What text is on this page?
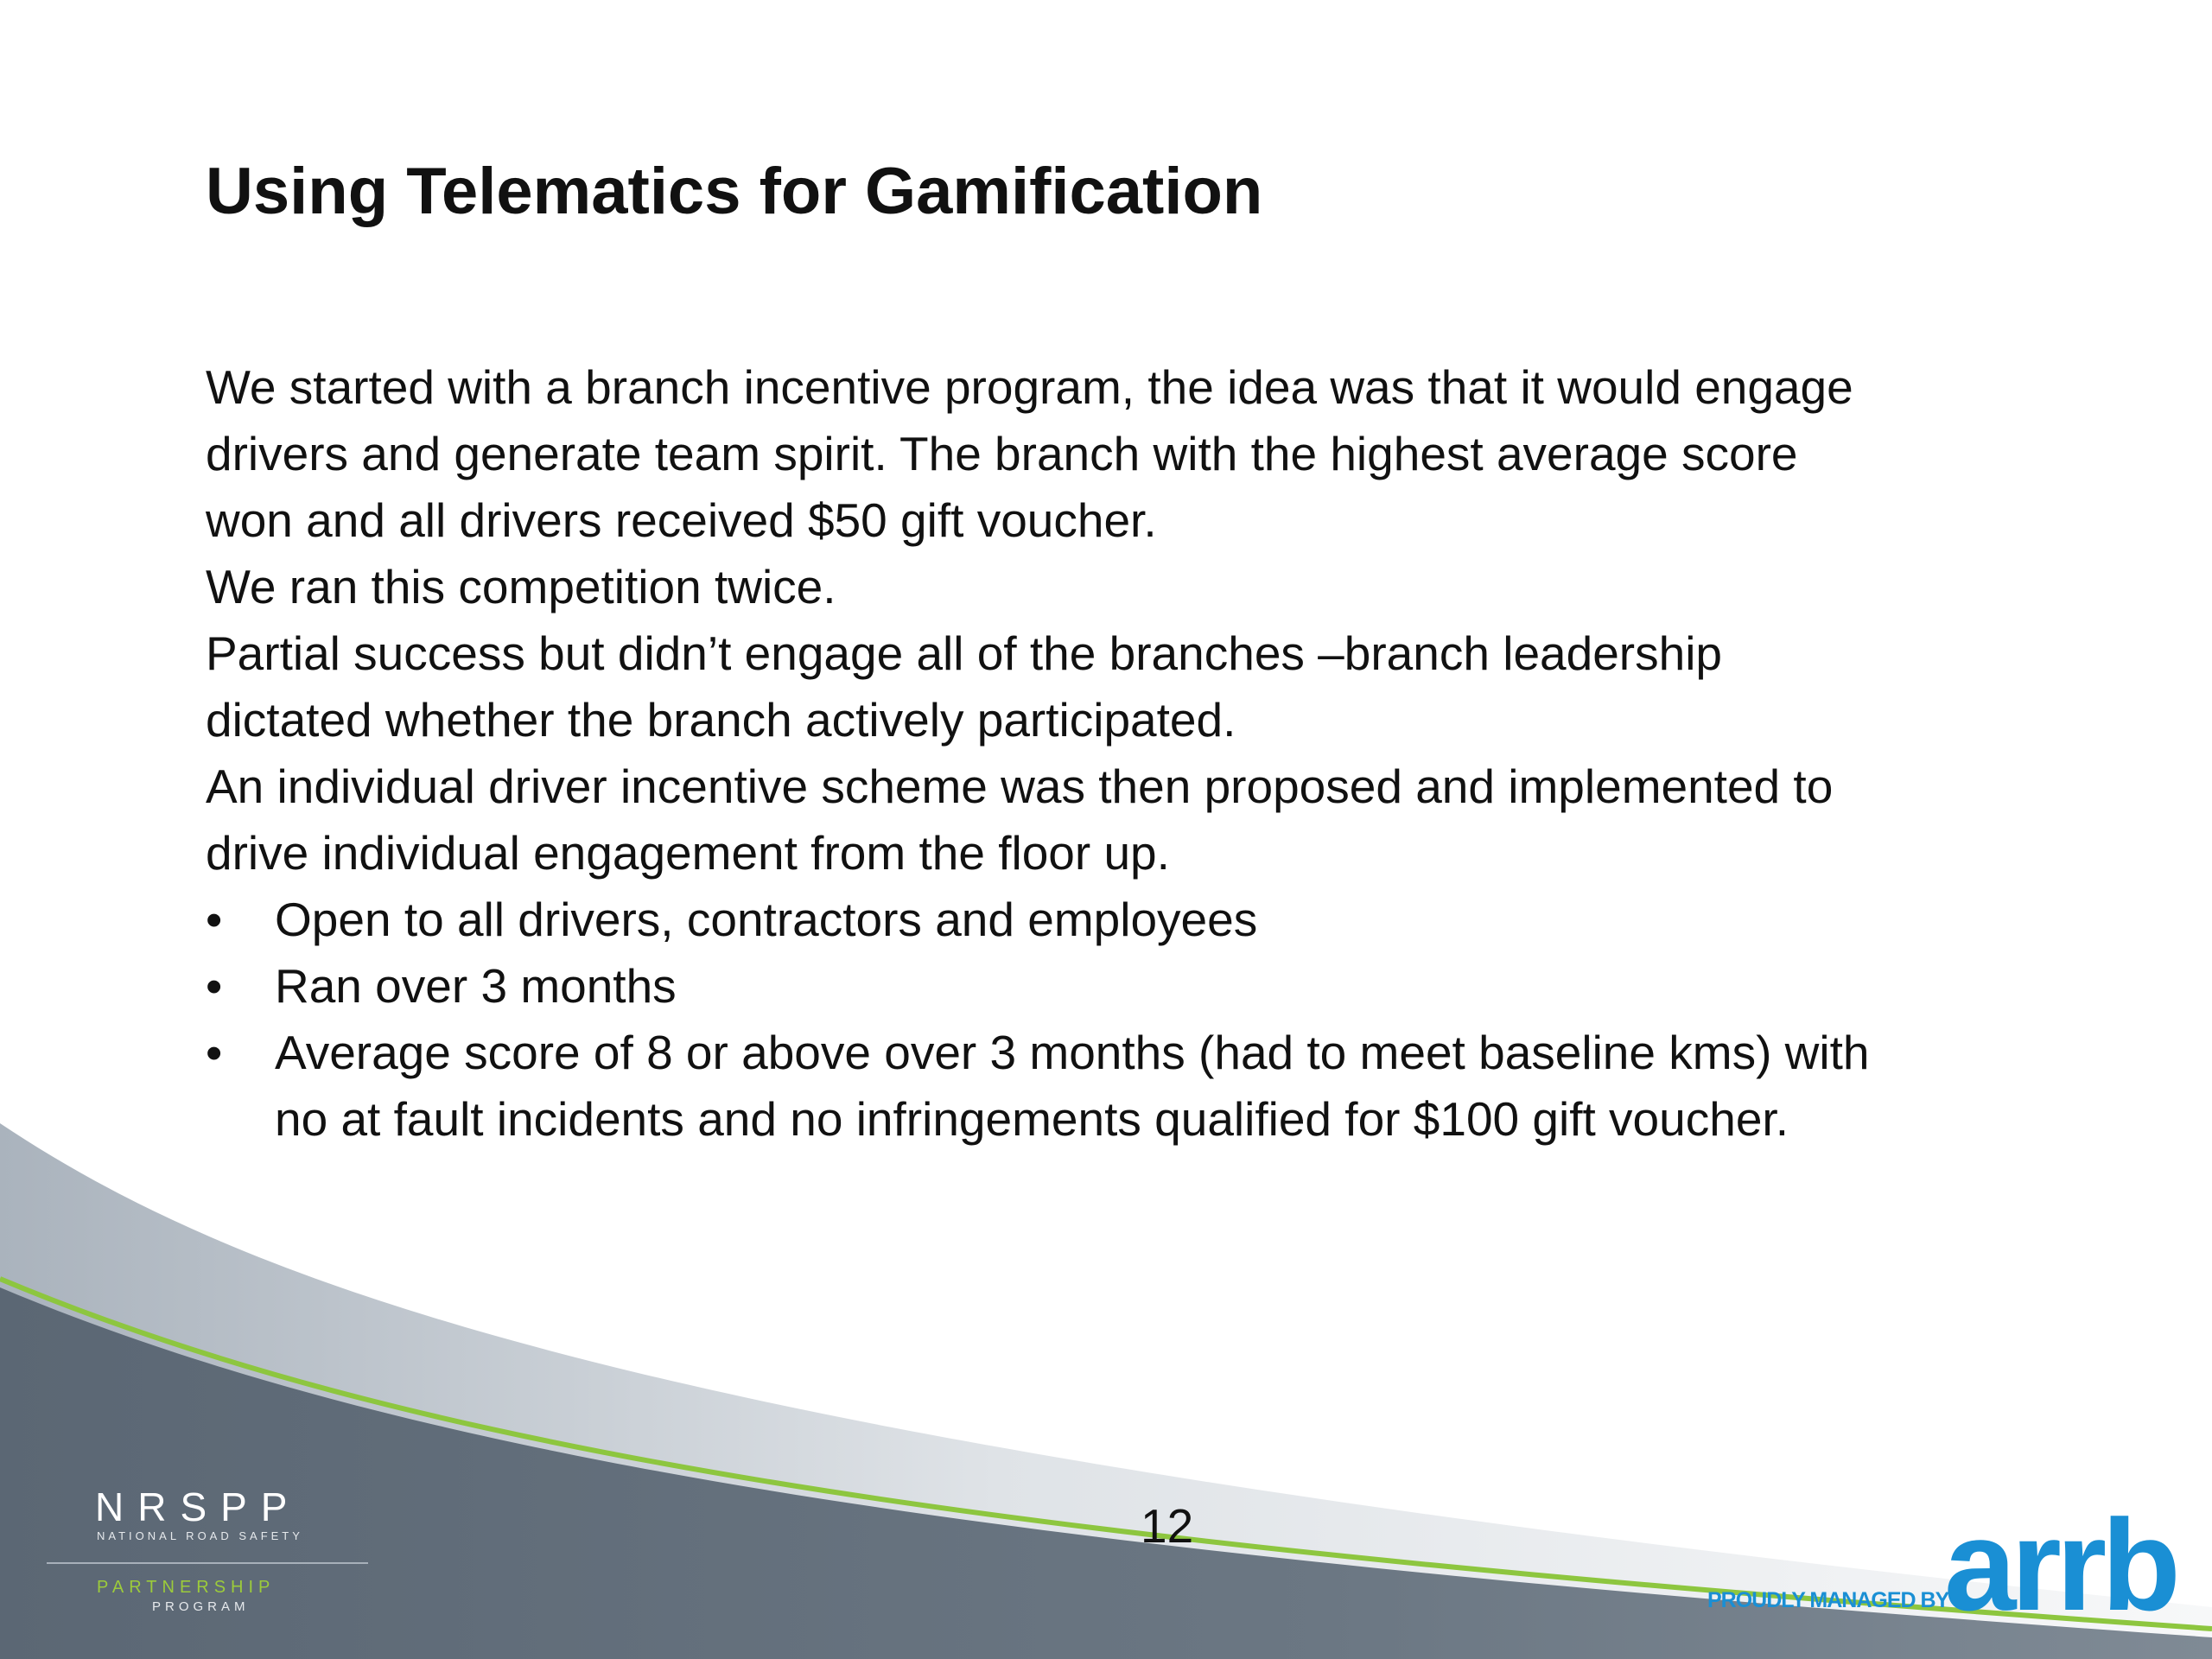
Using Telematics for Gamification

We started with a branch incentive program, the idea was that it would engage

drivers and generate team spirit. The branch with the highest average score

won and all drivers received $50 gift voucher.

We ran this competition twice.

Partial success but didn’t engage all of the branches –branch leadership

dictated whether the branch actively participated.

An individual driver incentive scheme was then proposed and implemented to

drive individual engagement from the floor up.

• Open to all drivers, contractors and employees
• Ran over 3 months
• Average score of 8 or above over 3 months (had to meet baseline kms) with
no at fault incidents and no infringements qualified for $100 gift voucher.
12
NRSPP
NATIONAL ROAD SAFETY
PARTNERSHIP
PROGRAM	PROUDLY MANAGED BY
arrb
